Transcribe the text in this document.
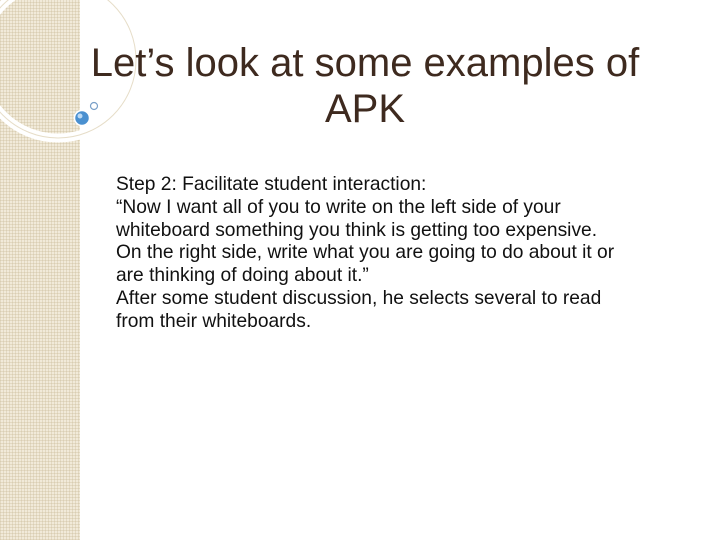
Let’s look at some examples of
APK

Step 2: Facilitate student interaction:

“Now I want all of you to write on the left side of your whiteboard something you think is getting too expensive. On the right side, write what you are going to do about it or are thinking of doing about it.”

After some student discussion, he selects several to read from their whiteboards.
